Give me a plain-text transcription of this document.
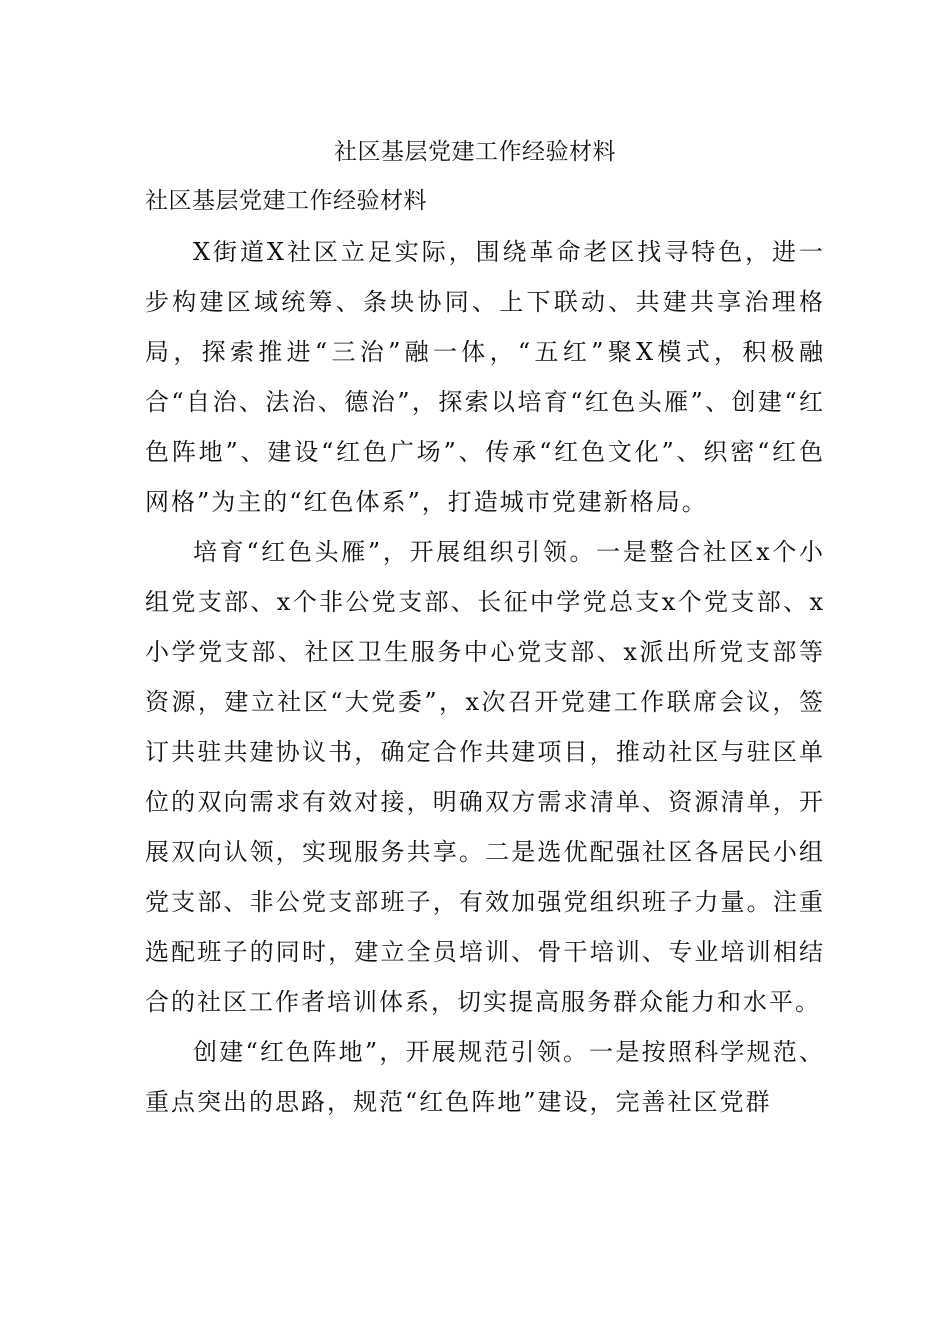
社区基层党建工作经验材料
社区基层党建工作经验材料

X街道X社区立足实际，围绕革命老区找寻特色，进一步构建区域统筹、条块协同、上下联动、共建共享治理格局，探索推进“三治”融一体，“五红”聚X模式，积极融合“自治、法治、德治”，探索以培育“红色头雁”、创建“红色阵地”、建设“红色广场”、传承“红色文化”、织密“红色网格”为主的“红色体系”，打造城市党建新格局。

培育“红色头雁”，开展组织引领。一是整合社区x个小组党支部、x个非公党支部、长征中学党总支x个党支部、x小学党支部、社区卫生服务中心党支部、x派出所党支部等资源，建立社区“大党委”，x次召开党建工作联席会议，签订共驻共建协议书，确定合作共建项目，推动社区与驻区单位的双向需求有效对接，明确双方需求清单、资源清单，开展双向认领，实现服务共享。二是选优配强社区各居民小组党支部、非公党支部班子，有效加强党组织班子力量。注重选配班子的同时，建立全员培训、骨干培训、专业培训相结合的社区工作者培训体系，切实提高服务群众能力和水平。

创建“红色阵地”，开展规范引领。一是按照科学规范、重点突出的思路，规范“红色阵地”建设，完善社区党群
